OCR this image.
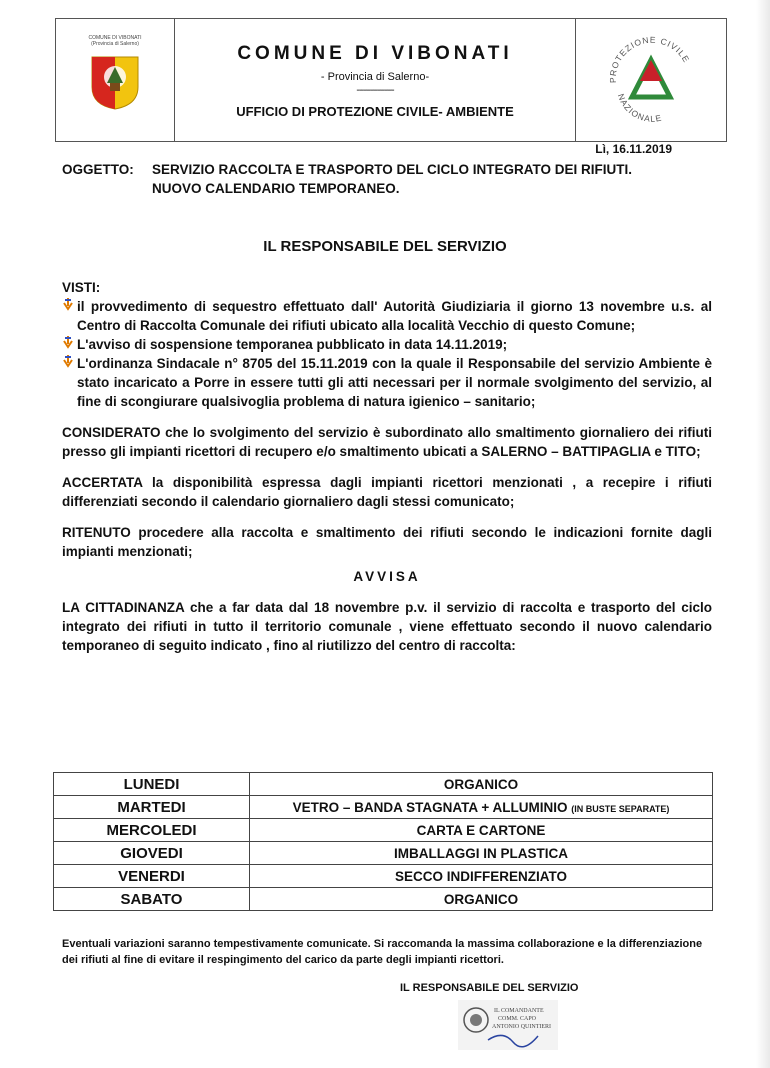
COMUNE DI VIBONATI
(Provincia di Salerno)	COMUNE DI VIBONATI
- Provincia di Salerno-
----------------
UFFICIO DI PROTEZIONE CIVILE- AMBIENTE
PROTEZIONE CIVILE
NAZIONALE
Lì, 16.11.2019
OGGETTO:	SERVIZIO RACCOLTA E TRASPORTO DEL CICLO INTEGRATO DEI RIFIUTI. NUOVO CALENDARIO TEMPORANEO.
IL RESPONSABILE DEL SERVIZIO

VISTI:

il provvedimento di sequestro effettuato dall' Autorità Giudiziaria il giorno 13 novembre u.s. al Centro di Raccolta Comunale dei rifiuti ubicato alla località Vecchio di questo Comune;
L'avviso di sospensione temporanea pubblicato in data 14.11.2019;
L'ordinanza Sindacale n° 8705 del 15.11.2019 con la quale il Responsabile del servizio Ambiente è stato incaricato a Porre in essere tutti gli atti necessari per il normale svolgimento del servizio, al fine di scongiurare qualsivoglia problema di natura igienico – sanitario;

CONSIDERATO che lo svolgimento del servizio è subordinato allo smaltimento giornaliero dei rifiuti presso gli impianti ricettori di recupero e/o smaltimento ubicati a SALERNO – BATTIPAGLIA e TITO;

ACCERTATA la disponibilità espressa dagli impianti ricettori menzionati , a recepire i rifiuti differenziati secondo il calendario giornaliero dagli stessi comunicato;

RITENUTO procedere alla raccolta e smaltimento dei rifiuti secondo le indicazioni fornite dagli impianti menzionati;

AVVISA

LA CITTADINANZA che a far data dal 18 novembre p.v. il servizio di raccolta e trasporto del ciclo integrato dei rifiuti in tutto il territorio comunale , viene effettuato secondo il nuovo calendario temporaneo di seguito indicato , fino al riutilizzo del centro di raccolta:

LUNEDI	ORGANICO
MARTEDI	VETRO – BANDA STAGNATA + ALLUMINIO (IN BUSTE SEPARATE)
MERCOLEDI	CARTA E CARTONE
GIOVEDI	IMBALLAGGI IN PLASTICA
VENERDI	SECCO INDIFFERENZIATO
SABATO	ORGANICO
Eventuali variazioni saranno tempestivamente comunicate. Si raccomanda la massima collaborazione e la differenziazione dei rifiuti al fine di evitare il respingimento del carico da parte degli impianti ricettori.
IL RESPONSABILE DEL SERVIZIO
IL COMANDANTE
COMM. CAPO
ANTONIO QUINTIERI
